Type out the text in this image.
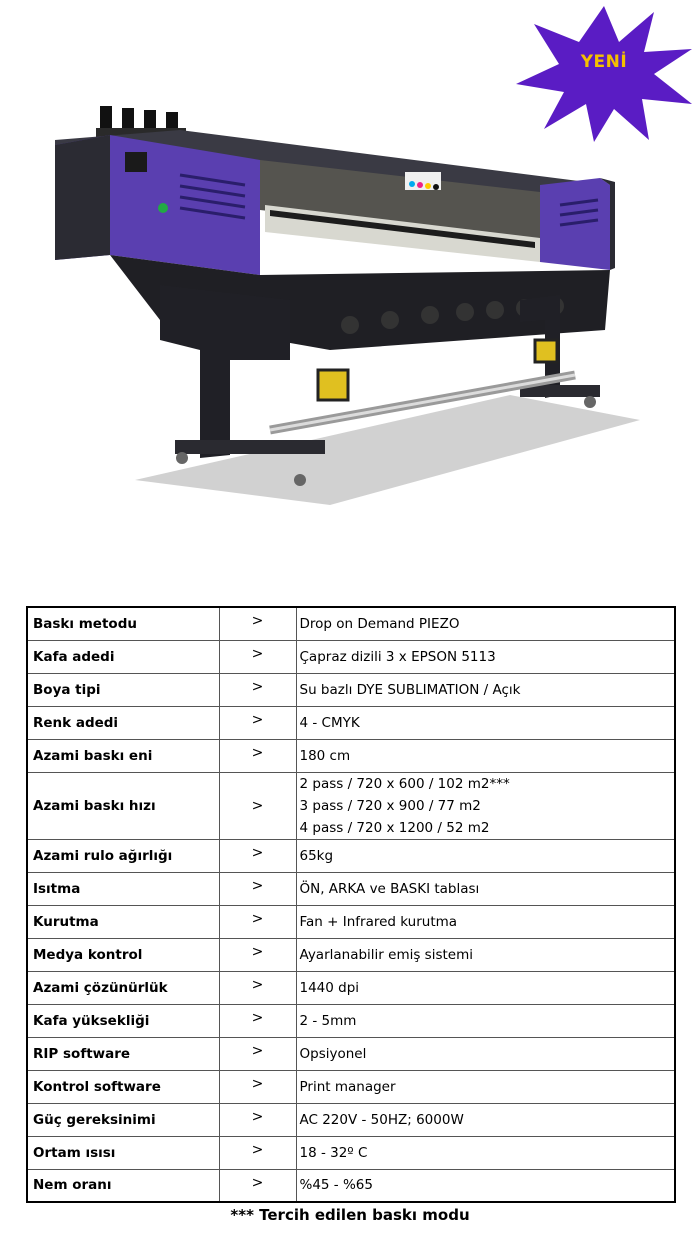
YENİ
Baskı metodu	>	Drop on Demand PIEZO
Kafa adedi	>	Çapraz dizili 3 x EPSON 5113
Boya tipi	>	Su bazlı DYE SUBLIMATION / Açık
Renk adedi	>	4 - CMYK
Azami baskı eni	>	180 cm
Azami baskı hızı	>	2 pass / 720 x 600 / 102 m2***
3 pass / 720 x 900 / 77 m2
4 pass / 720 x 1200 / 52 m2

Azami rulo ağırlığı	>	65kg
Isıtma	>	ÖN, ARKA ve BASKI tablası
Kurutma	>	Fan + Infrared kurutma
Medya kontrol	>	Ayarlanabilir emiş sistemi
Azami çözünürlük	>	1440 dpi
Kafa yüksekliği	>	2 - 5mm
RIP software	>	Opsiyonel
Kontrol software	>	Print manager
Güç gereksinimi	>	AC 220V - 50HZ; 6000W
Ortam ısısı	>	18 - 32º C
Nem oranı	>	%45 - %65
*** Tercih edilen baskı modu
